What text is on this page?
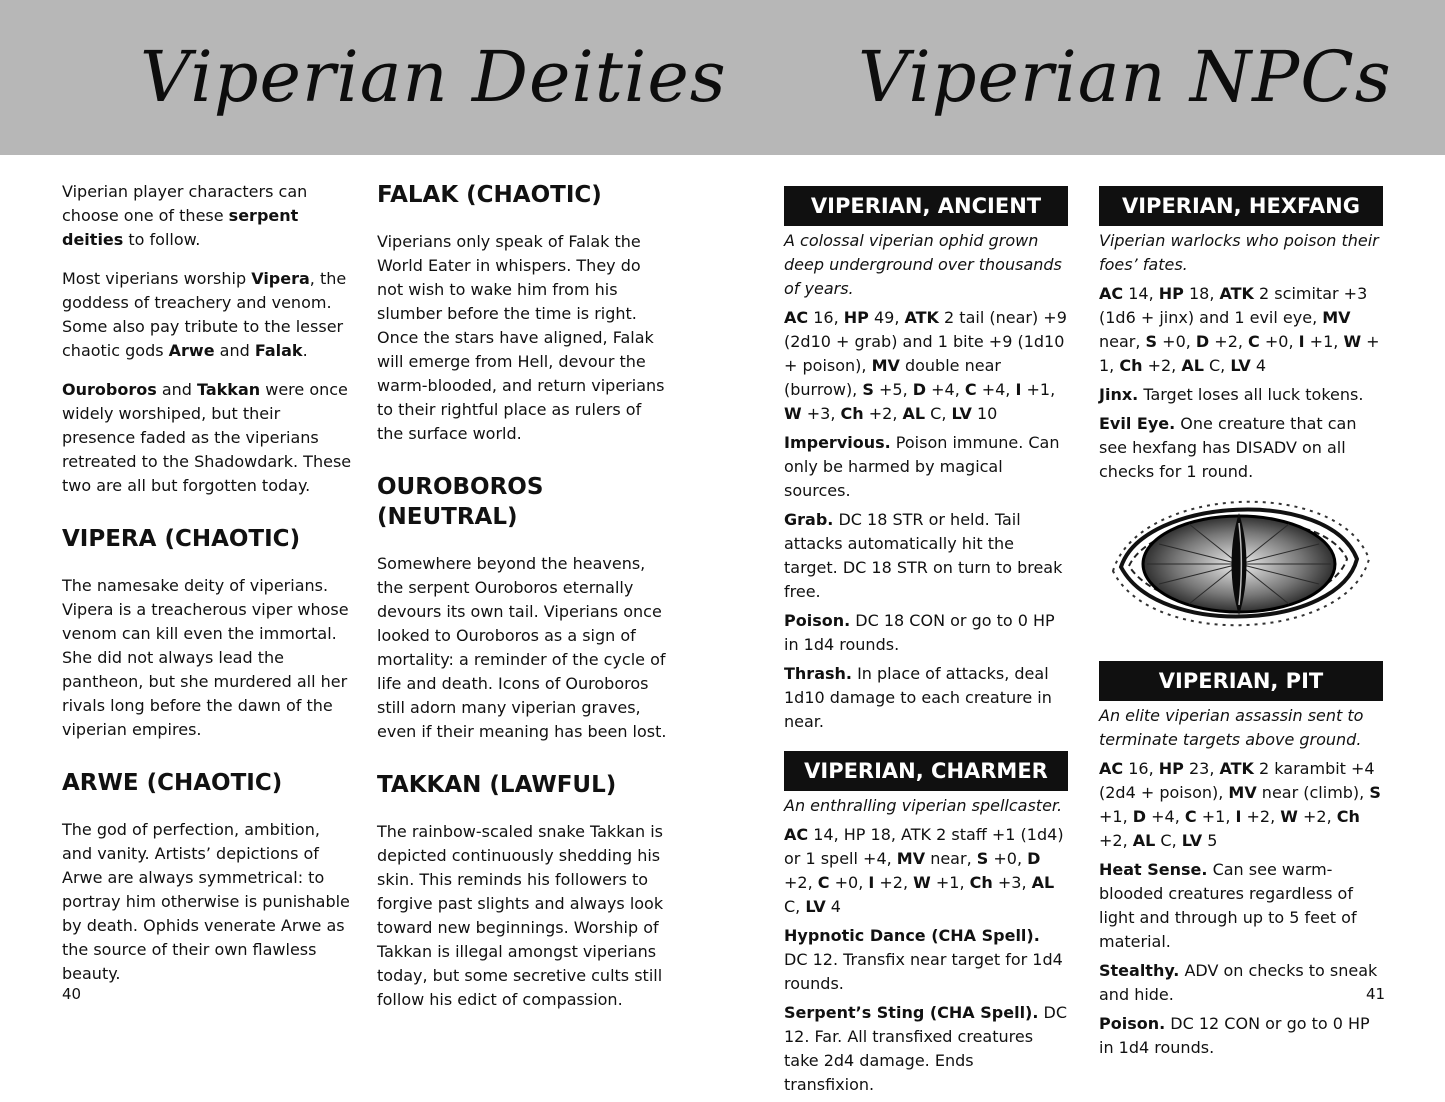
Viperian Deities Viperian NPCs

Viperian player characters can choose one of these serpent deities to follow.

Most viperians worship Vipera, the goddess of treachery and venom. Some also pay tribute to the lesser chaotic gods Arwe and Falak.

Ouroboros and Takkan were once widely worshiped, but their presence faded as the viperians retreated to the Shadowdark. These two are all but forgotten today.

VIPERA (CHAOTIC)

The namesake deity of viperians. Vipera is a treacherous viper whose venom can kill even the immortal. She did not always lead the pantheon, but she murdered all her rivals long before the dawn of the viperian empires.

ARWE (CHAOTIC)

The god of perfection, ambition, and vanity. Artists’ depictions of Arwe are always symmetrical: to portray him otherwise is punishable by death. Ophids venerate Arwe as the source of their own flawless beauty.

FALAK (CHAOTIC)

Viperians only speak of Falak the World Eater in whispers. They do not wish to wake him from his slumber before the time is right. Once the stars have aligned, Falak will emerge from Hell, devour the warm-blooded, and return viperians to their rightful place as rulers of the surface world.

OUROBOROS (NEUTRAL)

Somewhere beyond the heavens, the serpent Ouroboros eternally devours its own tail. Viperians once looked to Ouroboros as a sign of mortality: a reminder of the cycle of life and death. Icons of Ouroboros still adorn many viperian graves, even if their meaning has been lost.

TAKKAN (LAWFUL)

The rainbow-scaled snake Takkan is depicted continuously shedding his skin. This reminds his followers to forgive past slights and always look toward new beginnings. Worship of Takkan is illegal amongst viperians today, but some secretive cults still follow his edict of compassion.

VIPERIAN, ANCIENT

A colossal viperian ophid grown deep underground over thousands of years.

AC 16, HP 49, ATK 2 tail (near) +9 (2d10 + grab) and 1 bite +9 (1d10 + poison), MV double near (burrow), S +5, D +4, C +4, I +1, W +3, Ch +2, AL C, LV 10

Impervious. Poison immune. Can only be harmed by magical sources.

Grab. DC 18 STR or held. Tail attacks automatically hit the target. DC 18 STR on turn to break free.

Poison. DC 18 CON or go to 0 HP in 1d4 rounds.

Thrash. In place of attacks, deal 1d10 damage to each creature in near.

VIPERIAN, CHARMER

An enthralling viperian spellcaster.

AC 14, HP 18, ATK 2 staff +1 (1d4) or 1 spell +4, MV near, S +0, D +2, C +0, I +2, W +1, Ch +3, AL C, LV 4

Hypnotic Dance (CHA Spell). DC 12. Transfix near target for 1d4 rounds.

Serpent’s Sting (CHA Spell). DC 12. Far. All transfixed creatures take 2d4 damage. Ends transfixion.

VIPERIAN, HEXFANG

Viperian warlocks who poison their foes’ fates.

AC 14, HP 18, ATK 2 scimitar +3 (1d6 + jinx) and 1 evil eye, MV near, S +0, D +2, C +0, I +1, W + 1, Ch +2, AL C, LV 4

Jinx. Target loses all luck tokens.

Evil Eye. One creature that can see hexfang has DISADV on all checks for 1 round.

VIPERIAN, PIT

An elite viperian assassin sent to terminate targets above ground.

AC 16, HP 23, ATK 2 karambit +4 (2d4 + poison), MV near (climb), S +1, D +4, C +1, I +2, W +2, Ch +2, AL C, LV 5

Heat Sense. Can see warm-blooded creatures regardless of light and through up to 5 feet of material.

Stealthy. ADV on checks to sneak and hide.

Poison. DC 12 CON or go to 0 HP in 1d4 rounds.

40	41
